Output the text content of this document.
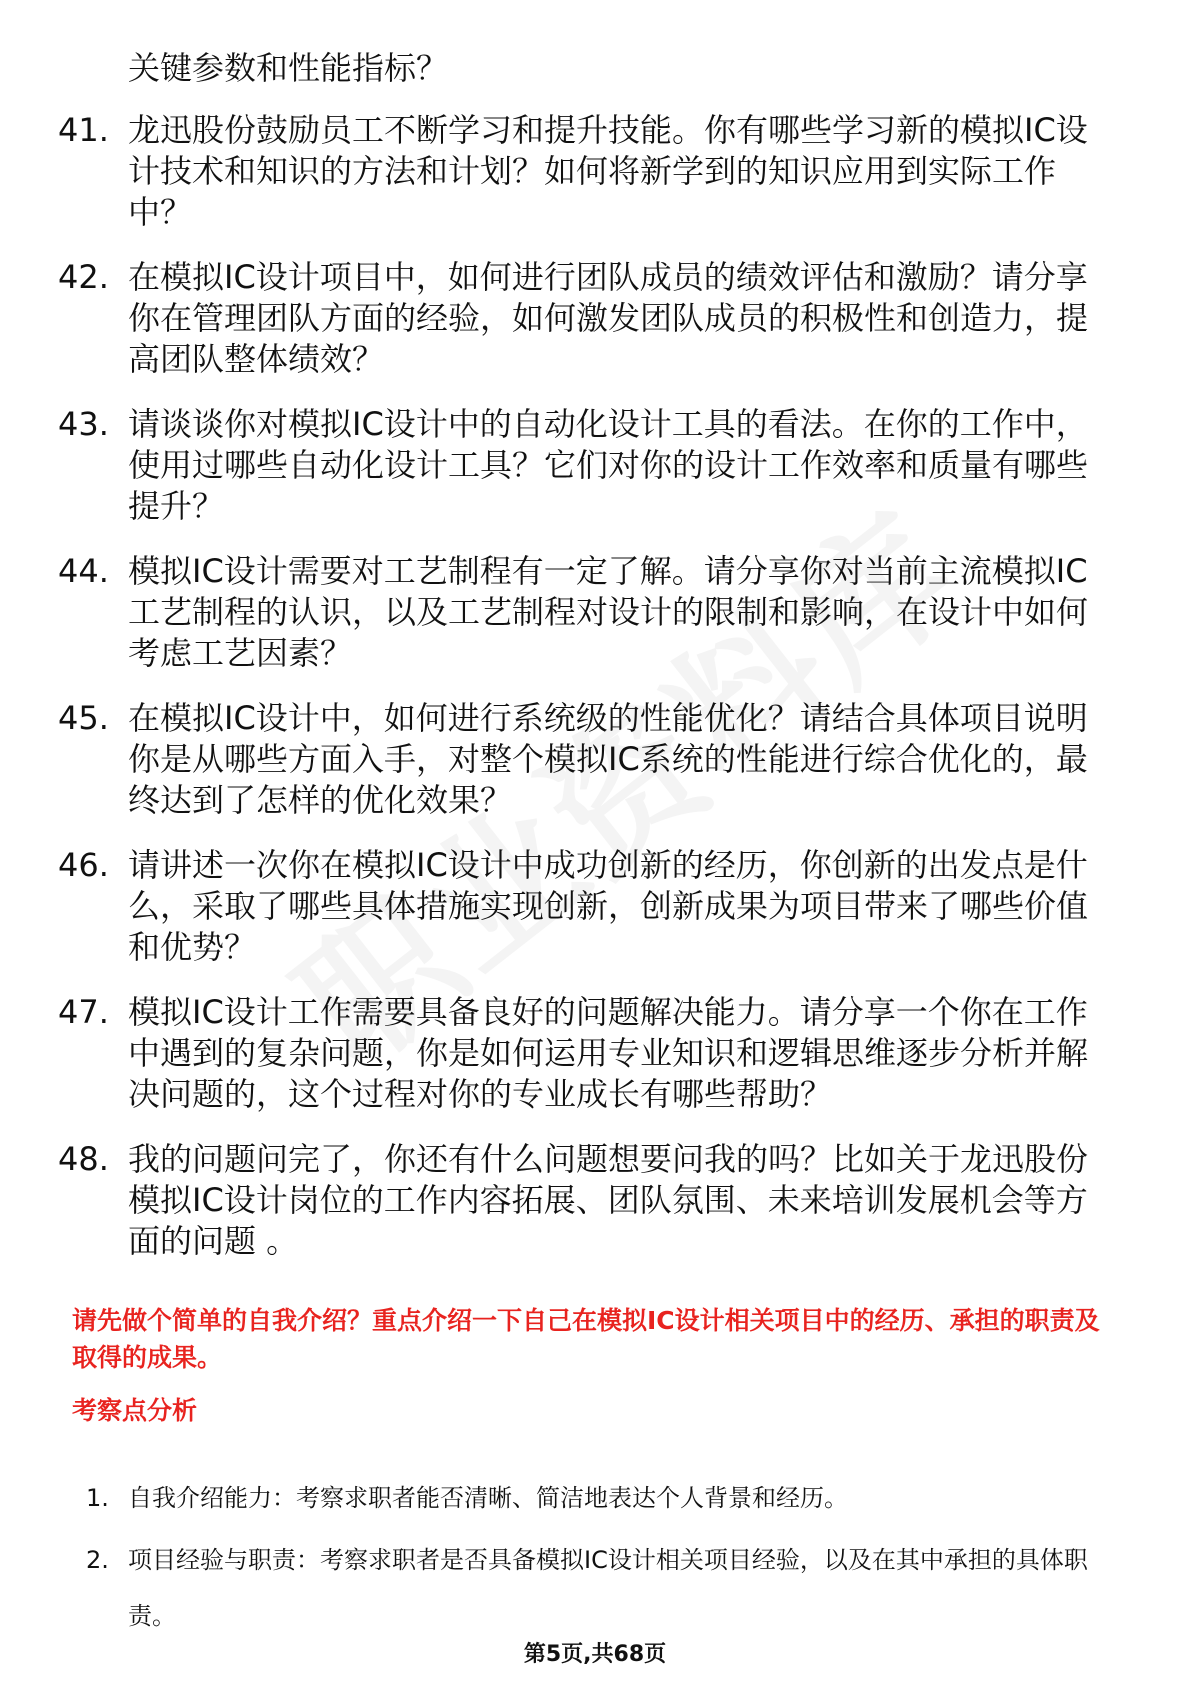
关键参数和性能指标？
41. 龙迅股份鼓励员工不断学习和提升技能。你有哪些学习新的模拟IC设计技术和知识的方法和计划？如何将新学到的知识应用到实际工作中？
42. 在模拟IC设计项目中，如何进行团队成员的绩效评估和激励？请分享你在管理团队方面的经验，如何激发团队成员的积极性和创造力，提高团队整体绩效？
43. 请谈谈你对模拟IC设计中的自动化设计工具的看法。在你的工作中，使用过哪些自动化设计工具？它们对你的设计工作效率和质量有哪些提升？
44. 模拟IC设计需要对工艺制程有一定了解。请分享你对当前主流模拟IC工艺制程的认识，以及工艺制程对设计的限制和影响，在设计中如何考虑工艺因素？
45. 在模拟IC设计中，如何进行系统级的性能优化？请结合具体项目说明你是从哪些方面入手，对整个模拟IC系统的性能进行综合优化的，最终达到了怎样的优化效果？
46. 请讲述一次你在模拟IC设计中成功创新的经历，你创新的出发点是什么，采取了哪些具体措施实现创新，创新成果为项目带来了哪些价值和优势？
47. 模拟IC设计工作需要具备良好的问题解决能力。请分享一个你在工作中遇到的复杂问题，你是如何运用专业知识和逻辑思维逐步分析并解决问题的，这个过程对你的专业成长有哪些帮助？
48. 我的问题问完了，你还有什么问题想要问我的吗？比如关于龙迅股份模拟IC设计岗位的工作内容拓展、团队氛围、未来培训发展机会等方面的问题 。
请先做个简单的自我介绍？重点介绍一下自己在模拟IC设计相关项目中的经历、承担的职责及取得的成果。
考察点分析
1. 自我介绍能力：考察求职者能否清晰、简洁地表达个人背景和经历。
2. 项目经验与职责：考察求职者是否具备模拟IC设计相关项目经验，以及在其中承担的具体职责。
第5页,共68页
